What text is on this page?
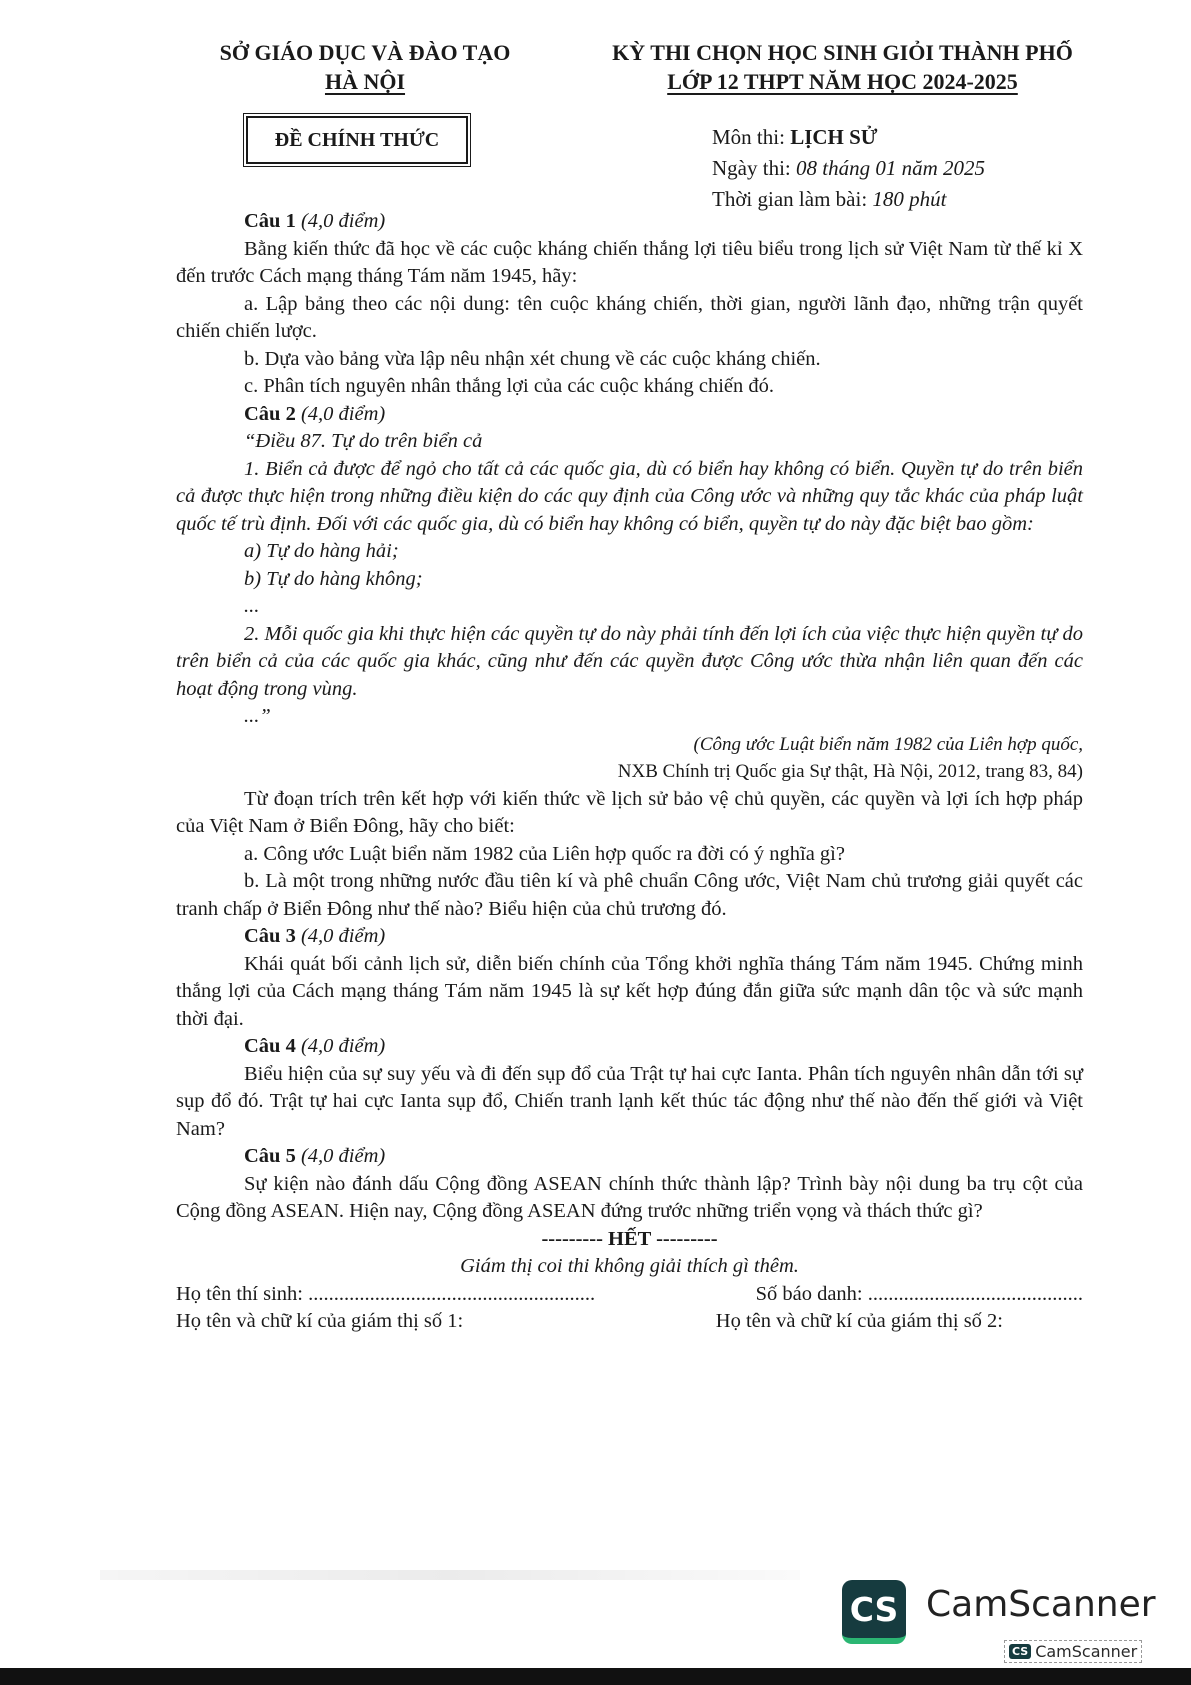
SỞ GIÁO DỤC VÀ ĐÀO TẠO
HÀ NỘI
KỲ THI CHỌN HỌC SINH GIỎI THÀNH PHỐ
LỚP 12 THPT NĂM HỌC 2024-2025
ĐỀ CHÍNH THỨC	Môn thi: LỊCH SỬ
Ngày thi: 08 tháng 01 năm 2025
Thời gian làm bài: 180 phút

Câu 1 (4,0 điểm)

Bằng kiến thức đã học về các cuộc kháng chiến thắng lợi tiêu biểu trong lịch sử Việt Nam từ thế kỉ X đến trước Cách mạng tháng Tám năm 1945, hãy:

a. Lập bảng theo các nội dung: tên cuộc kháng chiến, thời gian, người lãnh đạo, những trận quyết chiến chiến lược.

b. Dựa vào bảng vừa lập nêu nhận xét chung về các cuộc kháng chiến.

c. Phân tích nguyên nhân thắng lợi của các cuộc kháng chiến đó.

Câu 2 (4,0 điểm)

“Điều 87. Tự do trên biển cả

1. Biển cả được để ngỏ cho tất cả các quốc gia, dù có biển hay không có biển. Quyền tự do trên biển cả được thực hiện trong những điều kiện do các quy định của Công ước và những quy tắc khác của pháp luật quốc tế trù định. Đối với các quốc gia, dù có biển hay không có biển, quyền tự do này đặc biệt bao gồm:

a) Tự do hàng hải;

b) Tự do hàng không;

...

2. Mỗi quốc gia khi thực hiện các quyền tự do này phải tính đến lợi ích của việc thực hiện quyền tự do trên biển cả của các quốc gia khác, cũng như đến các quyền được Công ước thừa nhận liên quan đến các hoạt động trong vùng.

...”

(Công ước Luật biển năm 1982 của Liên hợp quốc,
NXB Chính trị Quốc gia Sự thật, Hà Nội, 2012, trang 83, 84)

Từ đoạn trích trên kết hợp với kiến thức về lịch sử bảo vệ chủ quyền, các quyền và lợi ích hợp pháp của Việt Nam ở Biển Đông, hãy cho biết:

a. Công ước Luật biển năm 1982 của Liên hợp quốc ra đời có ý nghĩa gì?

b. Là một trong những nước đầu tiên kí và phê chuẩn Công ước, Việt Nam chủ trương giải quyết các tranh chấp ở Biển Đông như thế nào? Biểu hiện của chủ trương đó.

Câu 3 (4,0 điểm)

Khái quát bối cảnh lịch sử, diễn biến chính của Tổng khởi nghĩa tháng Tám năm 1945. Chứng minh thắng lợi của Cách mạng tháng Tám năm 1945 là sự kết hợp đúng đắn giữa sức mạnh dân tộc và sức mạnh thời đại.

Câu 4 (4,0 điểm)

Biểu hiện của sự suy yếu và đi đến sụp đổ của Trật tự hai cực Ianta. Phân tích nguyên nhân dẫn tới sự sụp đổ đó. Trật tự hai cực Ianta sụp đổ, Chiến tranh lạnh kết thúc tác động như thế nào đến thế giới và Việt Nam?

Câu 5 (4,0 điểm)

Sự kiện nào đánh dấu Cộng đồng ASEAN chính thức thành lập? Trình bày nội dung ba trụ cột của Cộng đồng ASEAN. Hiện nay, Cộng đồng ASEAN đứng trước những triển vọng và thách thức gì?

--------- HẾT ---------

Giám thị coi thi không giải thích gì thêm.

Họ tên thí sinh: ........................................................	Số báo danh: ..........................................
Họ tên và chữ kí của giám thị số 1:	Họ tên và chữ kí của giám thị số 2:
CS CamScanner
CS CamScanner
